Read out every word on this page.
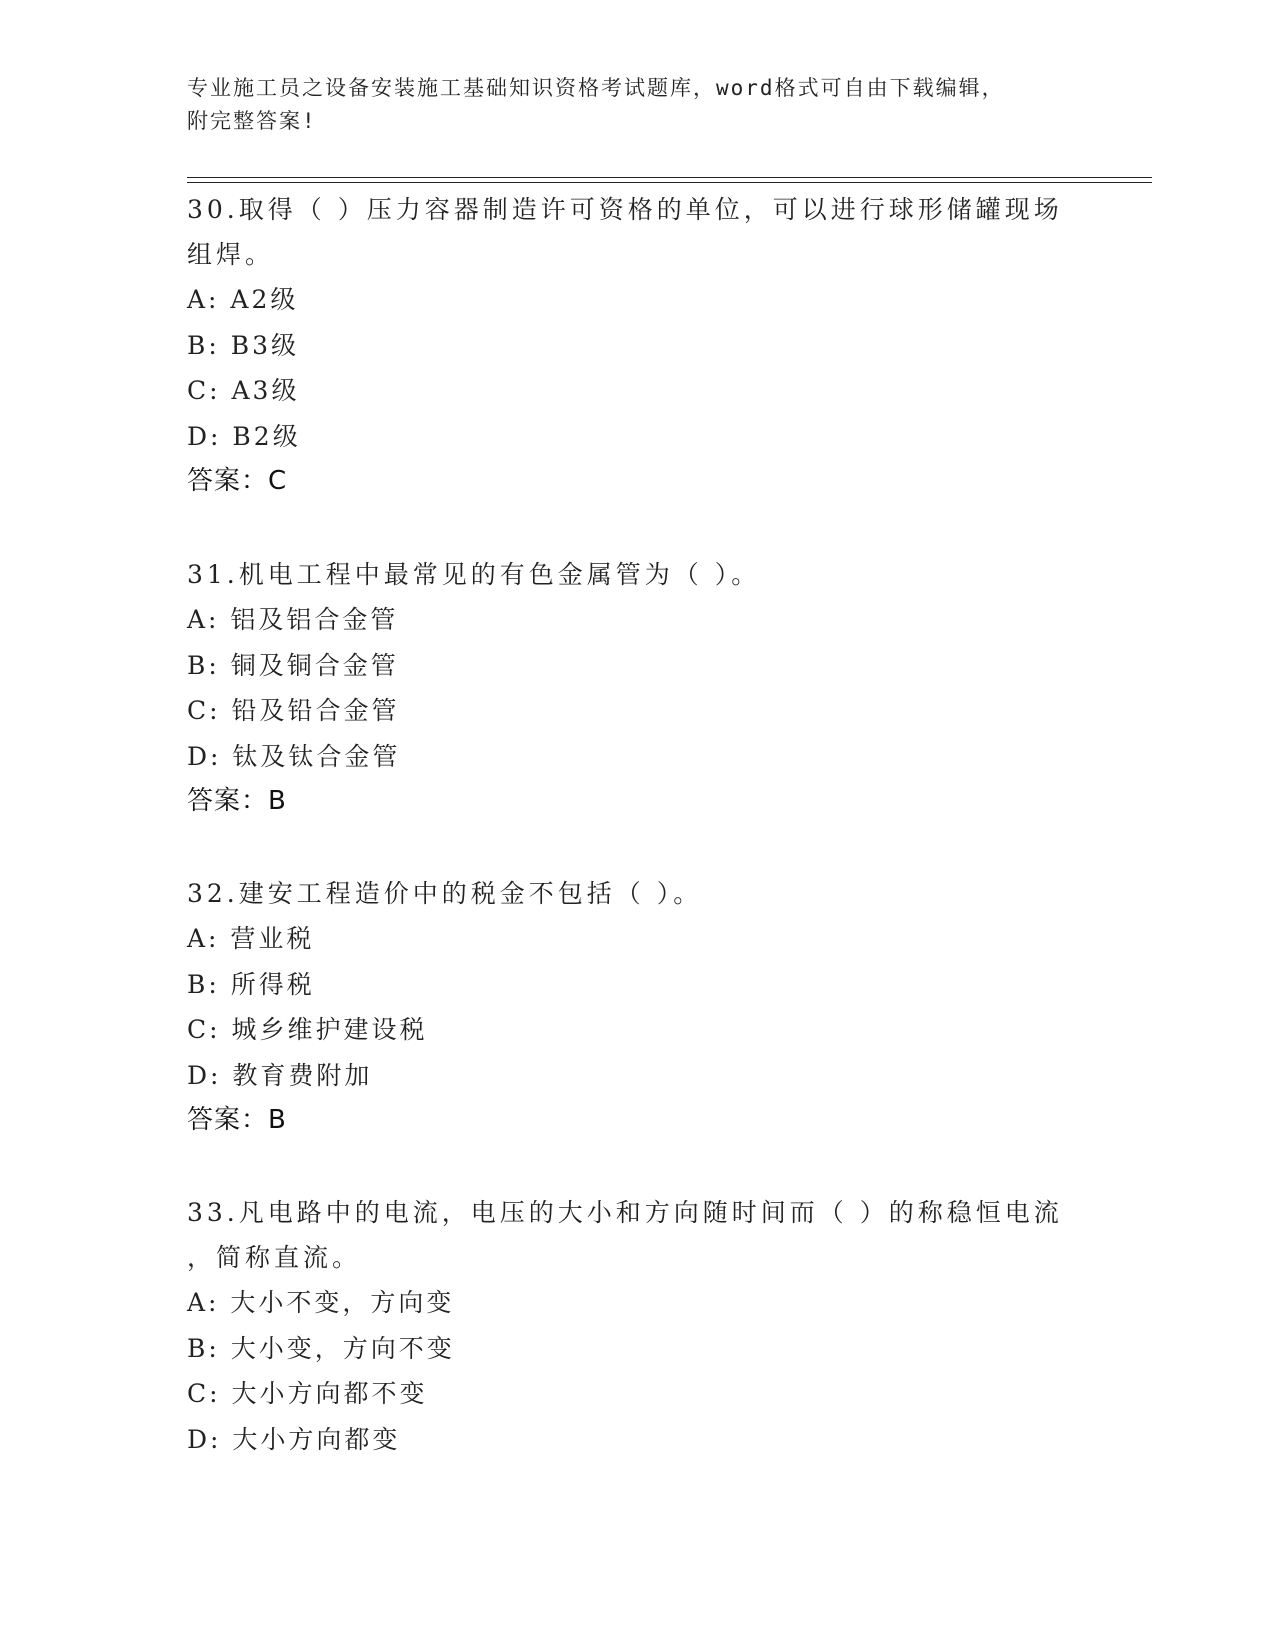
专业施工员之设备安装施工基础知识资格考试题库，word格式可自由下载编辑，
附完整答案!
30.取得（ ）压力容器制造许可资格的单位，可以进行球形储罐现场
组焊。
A: A2级
B: B3级
C: A3级
D: B2级
答案：C
31.机电工程中最常见的有色金属管为（ ）。
A: 铝及铝合金管
B: 铜及铜合金管
C: 铅及铅合金管
D: 钛及钛合金管
答案：B
32.建安工程造价中的税金不包括（ ）。
A: 营业税
B: 所得税
C: 城乡维护建设税
D: 教育费附加
答案：B
33.凡电路中的电流，电压的大小和方向随时间而（ ）的称稳恒电流
，简称直流。
A: 大小不变，方向变
B: 大小变，方向不变
C: 大小方向都不变
D: 大小方向都变
